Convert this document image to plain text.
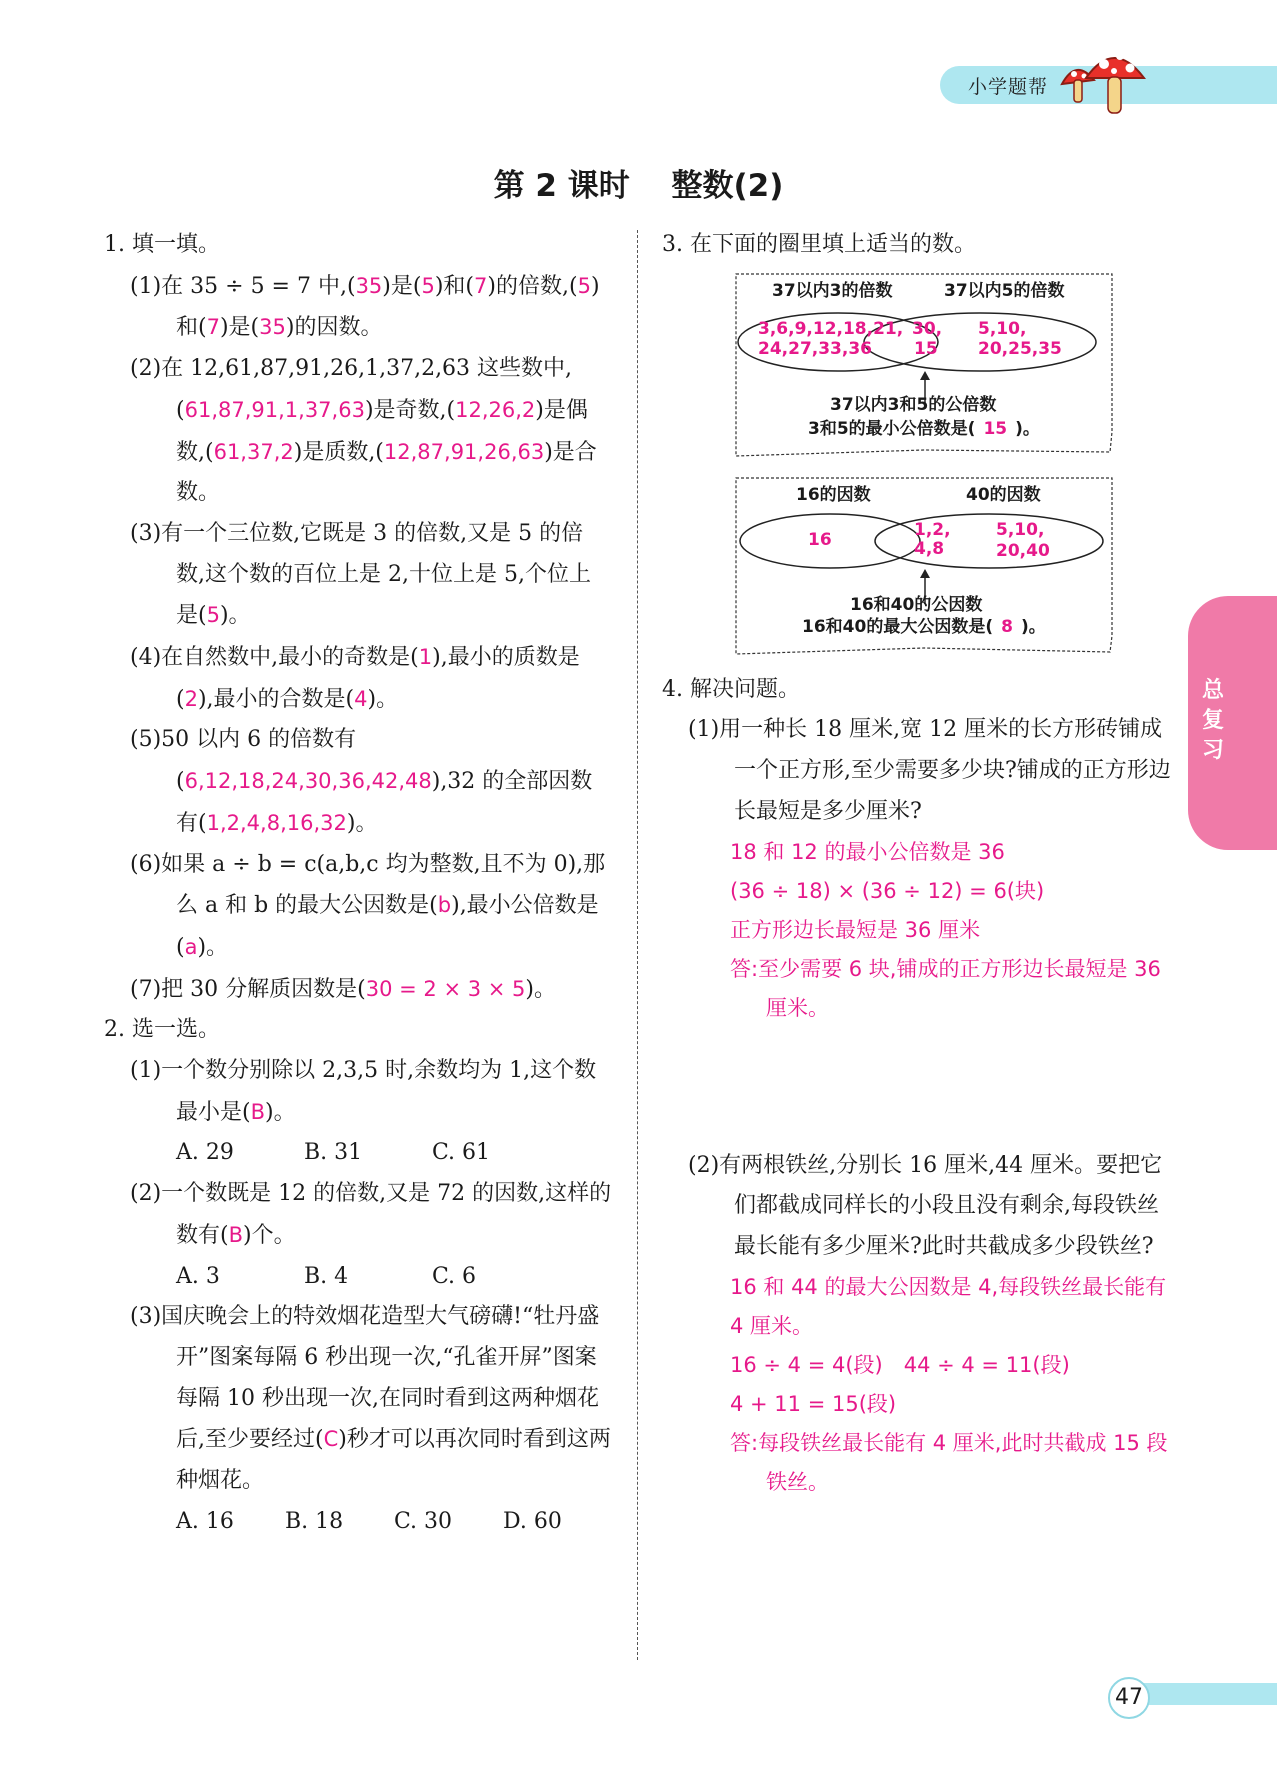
小学题帮
第 2 课时　 整数(2)

1. 填一填。

(1)在 35 ÷ 5 = 7 中,(35)是(5)和(7)的倍数,(5)和(7)是(35)的因数。

(2)在 12,61,87,91,26,1,37,2,63 这些数中,(61,87,91,1,37,63)是奇数,(12,26,2)是偶数,(61,37,2)是质数,(12,87,91,26,63)是合数。

(3)有一个三位数,它既是 3 的倍数,又是 5 的倍数,这个数的百位上是 2,十位上是 5,个位上是(5)。

(4)在自然数中,最小的奇数是(1),最小的质数是(2),最小的合数是(4)。

(5)50 以内 6 的倍数有(6,12,18,24,30,36,42,48),32 的全部因数有(1,2,4,8,16,32)。

(6)如果 a ÷ b = c(a,b,c 均为整数,且不为 0),那么 a 和 b 的最大公因数是(b),最小公倍数是(a)。

(7)把 30 分解质因数是(30 = 2 × 3 × 5)。

2. 选一选。

(1)一个数分别除以 2,3,5 时,余数均为 1,这个数最小是(B)。

A. 29	B. 31	C. 61

(2)一个数既是 12 的倍数,又是 72 的因数,这样的数有(B)个。

A. 3	B. 4	C. 6

(3)国庆晚会上的特效烟花造型大气磅礴!“牡丹盛开”图案每隔 6 秒出现一次,“孔雀开屏”图案每隔 10 秒出现一次,在同时看到这两种烟花后,至少要经过(C)秒才可以再次同时看到这两种烟花。

A. 16	B. 18	C. 30	D. 60

3. 在下面的圈里填上适当的数。

37以内3的倍数	37以内5的倍数
3,6,9,12,18,21,
24,27,33,36
30,
15
5,10,
20,25,35
37以内3和5的公倍数
3和5的最小公倍数是( 15 )。
16的因数	40的因数
16	1,2,
4,8
5,10,
20,40
16和40的公因数
16和40的最大公因数是( 8 )。

4. 解决问题。

(1)用一种长 18 厘米,宽 12 厘米的长方形砖铺成一个正方形,至少需要多少块?铺成的正方形边长最短是多少厘米?

18 和 12 的最小公倍数是 36

(36 ÷ 18) × (36 ÷ 12) = 6(块)

正方形边长最短是 36 厘米

答:至少需要 6 块,铺成的正方形边长最短是 36 厘米。

(2)有两根铁丝,分别长 16 厘米,44 厘米。要把它们都截成同样长的小段且没有剩余,每段铁丝最长能有多少厘米?此时共截成多少段铁丝?

16 和 44 的最大公因数是 4,每段铁丝最长能有 4 厘米。

16 ÷ 4 = 4(段)　44 ÷ 4 = 11(段)

4 + 11 = 15(段)

答:每段铁丝最长能有 4 厘米,此时共截成 15 段铁丝。

总
复
习
47
